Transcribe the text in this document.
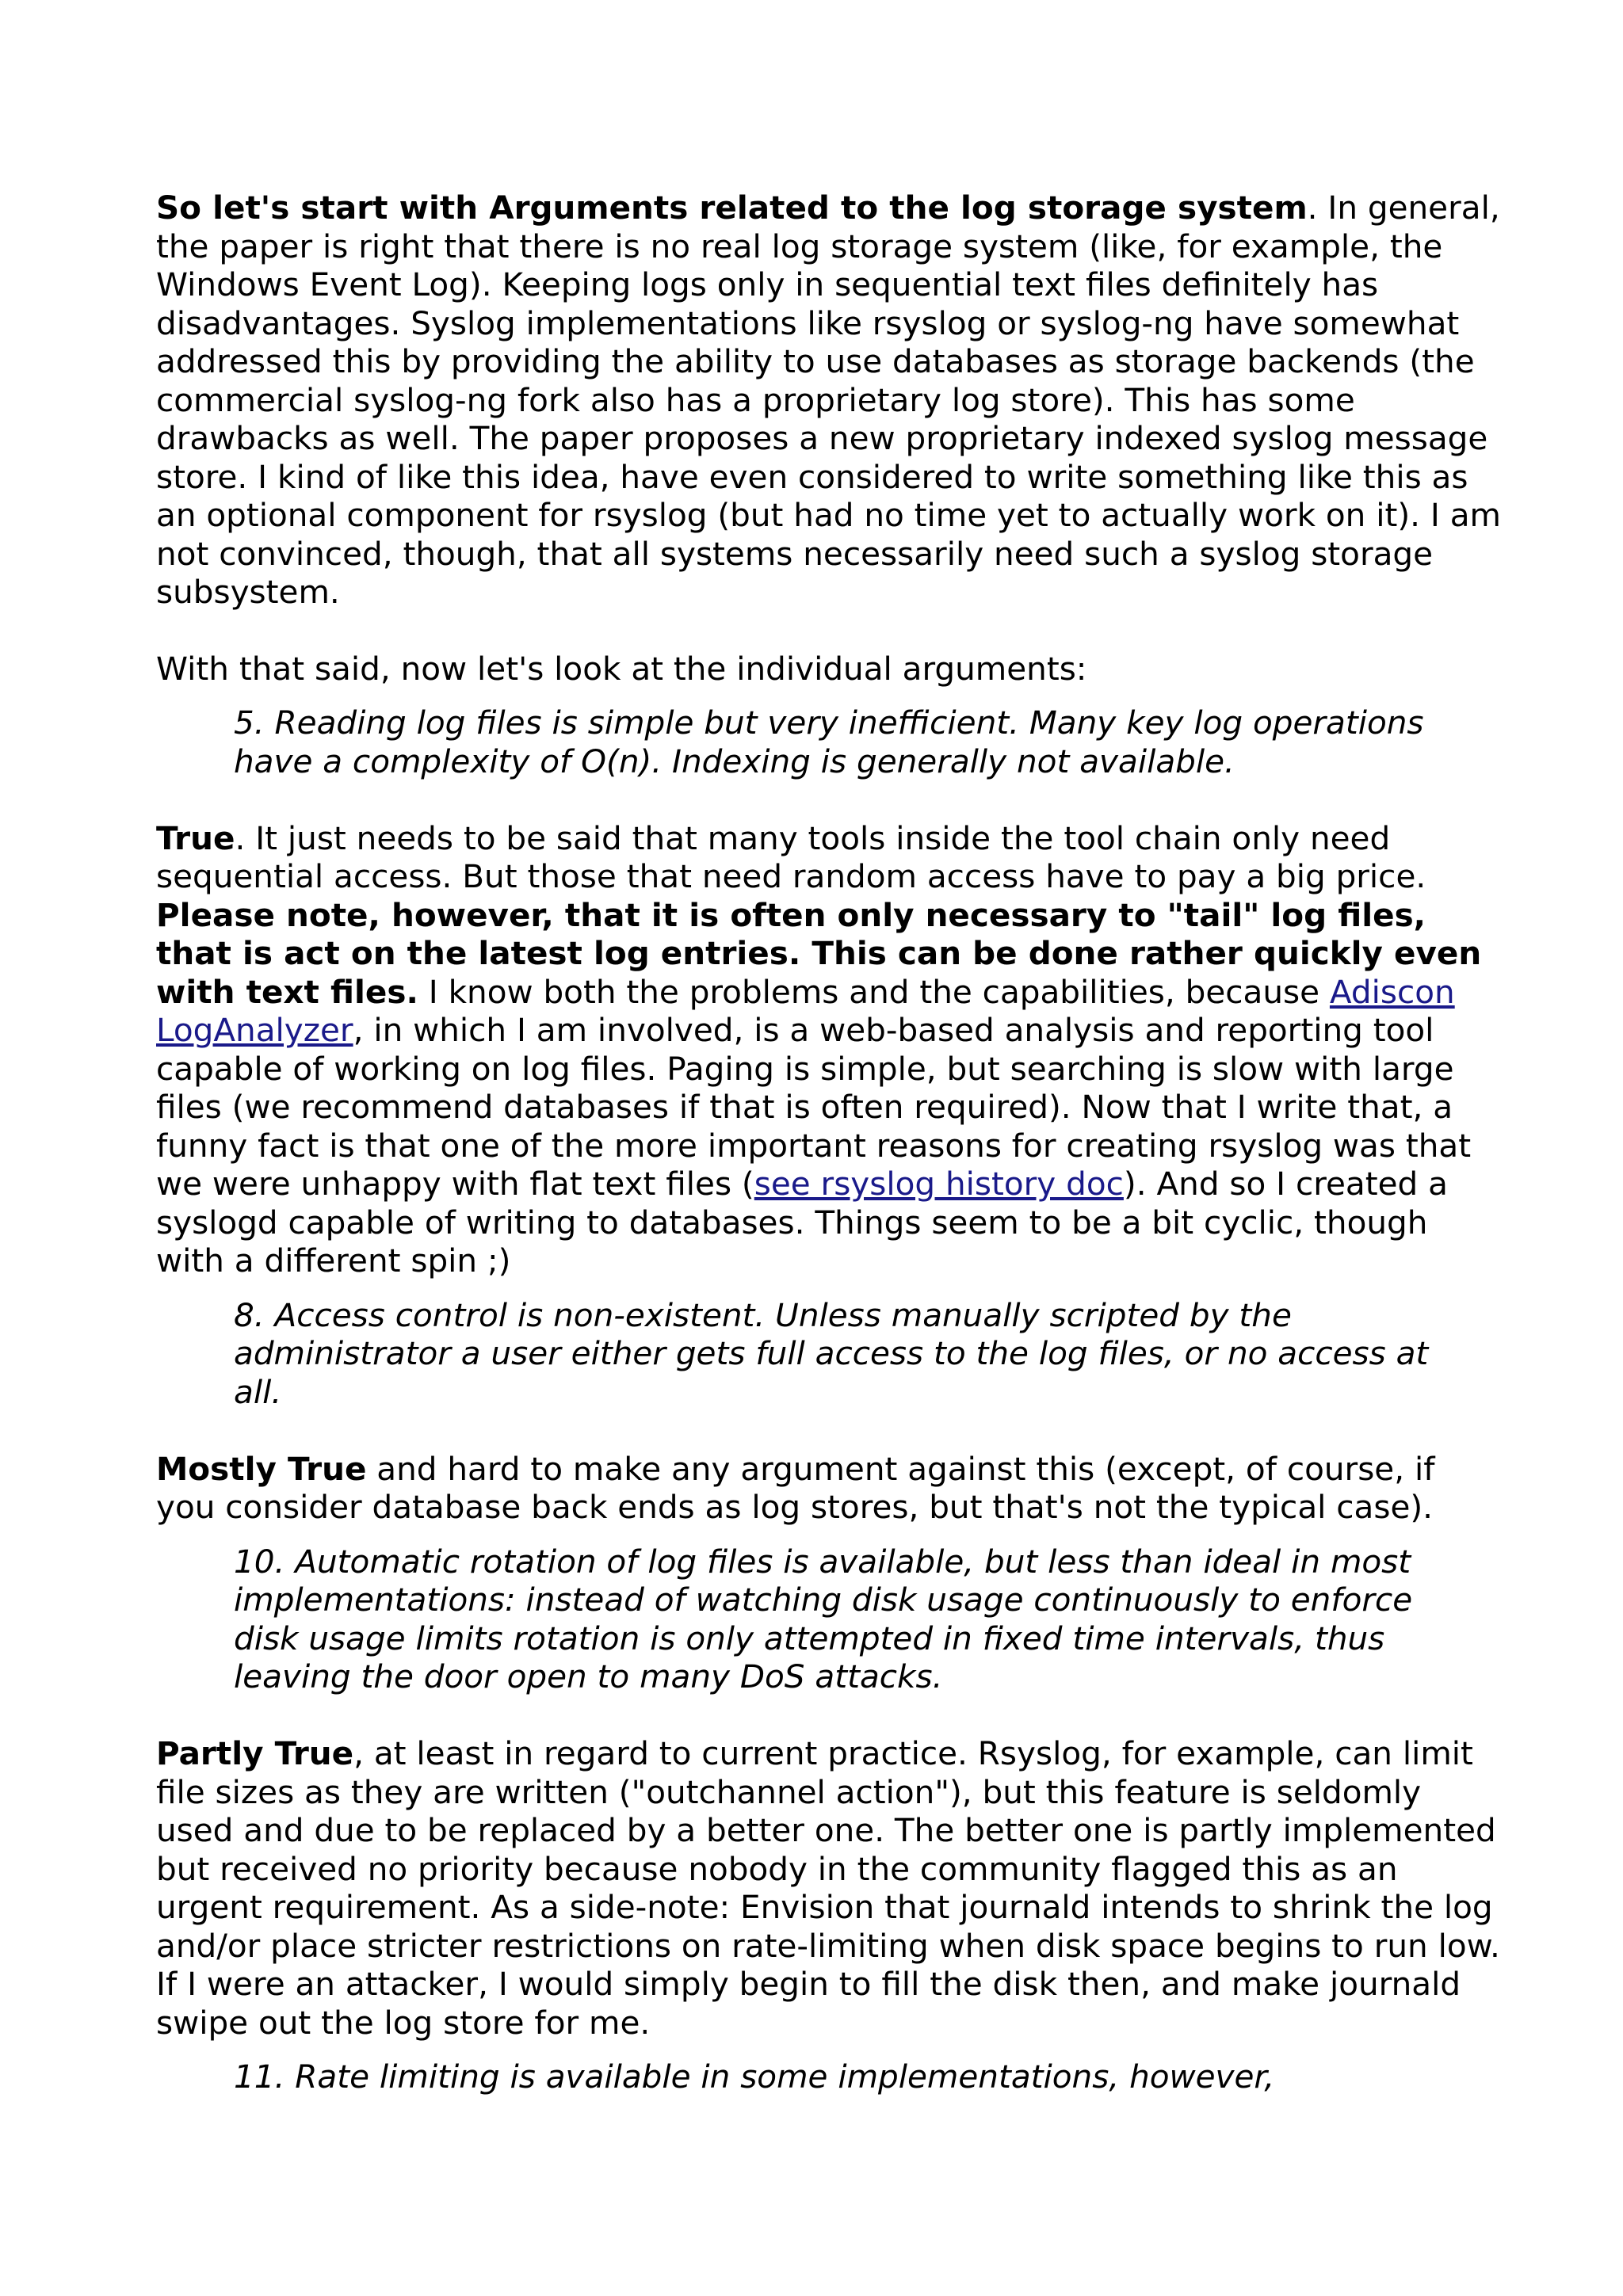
So let's start with Arguments related to the log storage system. In general, the paper is right that there is no real log storage system (like, for example, the Windows Event Log). Keeping logs only in sequential text files definitely has disadvantages. Syslog implementations like rsyslog or syslog-ng have somewhat addressed this by providing the ability to use databases as storage backends (the commercial syslog-ng fork also has a proprietary log store). This has some drawbacks as well. The paper proposes a new proprietary indexed syslog message store. I kind of like this idea, have even considered to write something like this as an optional component for rsyslog (but had no time yet to actually work on it). I am not convinced, though, that all systems necessarily need such a syslog storage subsystem.

With that said, now let's look at the individual arguments:

5. Reading log files is simple but very inefficient. Many key log operations have a complexity of O(n). Indexing is generally not available.

True. It just needs to be said that many tools inside the tool chain only need sequential access. But those that need random access have to pay a big price. Please note, however, that it is often only necessary to "tail" log files, that is act on the latest log entries. This can be done rather quickly even with text files. I know both the problems and the capabilities, because Adiscon LogAnalyzer, in which I am involved, is a web-based analysis and reporting tool capable of working on log files. Paging is simple, but searching is slow with large files (we recommend databases if that is often required). Now that I write that, a funny fact is that one of the more important reasons for creating rsyslog was that we were unhappy with flat text files (see rsyslog history doc). And so I created a syslogd capable of writing to databases. Things seem to be a bit cyclic, though with a different spin ;)

8. Access control is non-existent. Unless manually scripted by the administrator a user either gets full access to the log files, or no access at all.

Mostly True and hard to make any argument against this (except, of course, if you consider database back ends as log stores, but that's not the typical case).

10. Automatic rotation of log files is available, but less than ideal in most implementations: instead of watching disk usage continuously to enforce disk usage limits rotation is only attempted in fixed time intervals, thus leaving the door open to many DoS attacks.

Partly True, at least in regard to current practice. Rsyslog, for example, can limit file sizes as they are written ("outchannel action"), but this feature is seldomly used and due to be replaced by a better one. The better one is partly implemented but received no priority because nobody in the community flagged this as an urgent requirement. As a side-note: Envision that journald intends to shrink the log and/or place stricter restrictions on rate-limiting when disk space begins to run low. If I were an attacker, I would simply begin to fill the disk then, and make journald swipe out the log store for me.

11. Rate limiting is available in some implementations, however,
